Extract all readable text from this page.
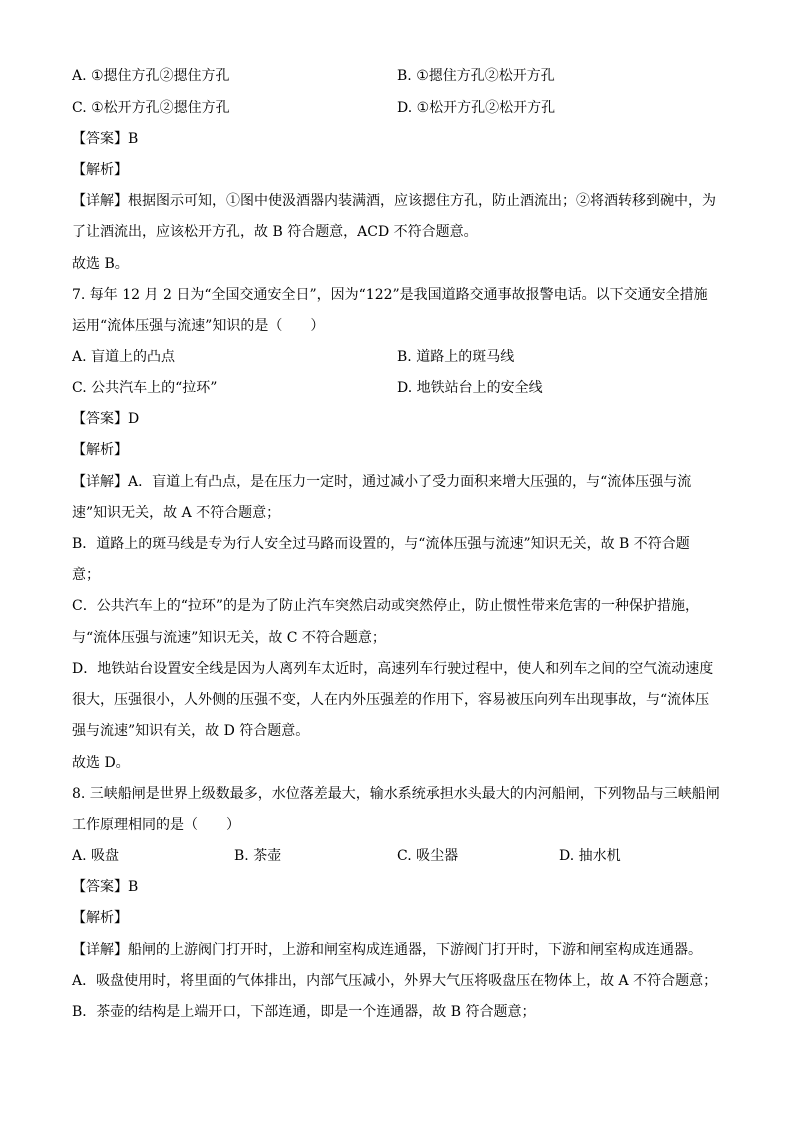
A. ①摁住方孔②摁住方孔	B. ①摁住方孔②松开方孔
C. ①松开方孔②摁住方孔	D. ①松开方孔②松开方孔
【答案】B
【解析】
【详解】根据图示可知，①图中使汲酒器内装满酒，应该摁住方孔，防止酒流出；②将酒转移到碗中，为
了让酒流出，应该松开方孔，故 B 符合题意，ACD 不符合题意。
故选 B。
7. 每年 12 月 2 日为“全国交通安全日”，因为“122”是我国道路交通事故报警电话。以下交通安全措施
运用“流体压强与流速”知识的是（　　）
A. 盲道上的凸点	B. 道路上的斑马线
C. 公共汽车上的“拉环”	D. 地铁站台上的安全线
【答案】D
【解析】
【详解】A．盲道上有凸点，是在压力一定时，通过减小了受力面积来增大压强的，与“流体压强与流
速”知识无关，故 A 不符合题意；
B．道路上的斑马线是专为行人安全过马路而设置的，与“流体压强与流速”知识无关，故 B 不符合题
意；
C．公共汽车上的“拉环”的是为了防止汽车突然启动或突然停止，防止惯性带来危害的一种保护措施，
与“流体压强与流速”知识无关，故 C 不符合题意；
D．地铁站台设置安全线是因为人离列车太近时，高速列车行驶过程中，使人和列车之间的空气流动速度
很大，压强很小，人外侧的压强不变，人在内外压强差的作用下，容易被压向列车出现事故，与“流体压
强与流速”知识有关，故 D 符合题意。
故选 D。
8. 三峡船闸是世界上级数最多，水位落差最大，输水系统承担水头最大的内河船闸，下列物品与三峡船闸
工作原理相同的是（　　）
A. 吸盘	B. 茶壶	C. 吸尘器	D. 抽水机
【答案】B
【解析】
【详解】船闸的上游阀门打开时，上游和闸室构成连通器，下游阀门打开时，下游和闸室构成连通器。
A．吸盘使用时，将里面的气体排出，内部气压减小，外界大气压将吸盘压在物体上，故 A 不符合题意；
B．茶壶的结构是上端开口，下部连通，即是一个连通器，故 B 符合题意；
